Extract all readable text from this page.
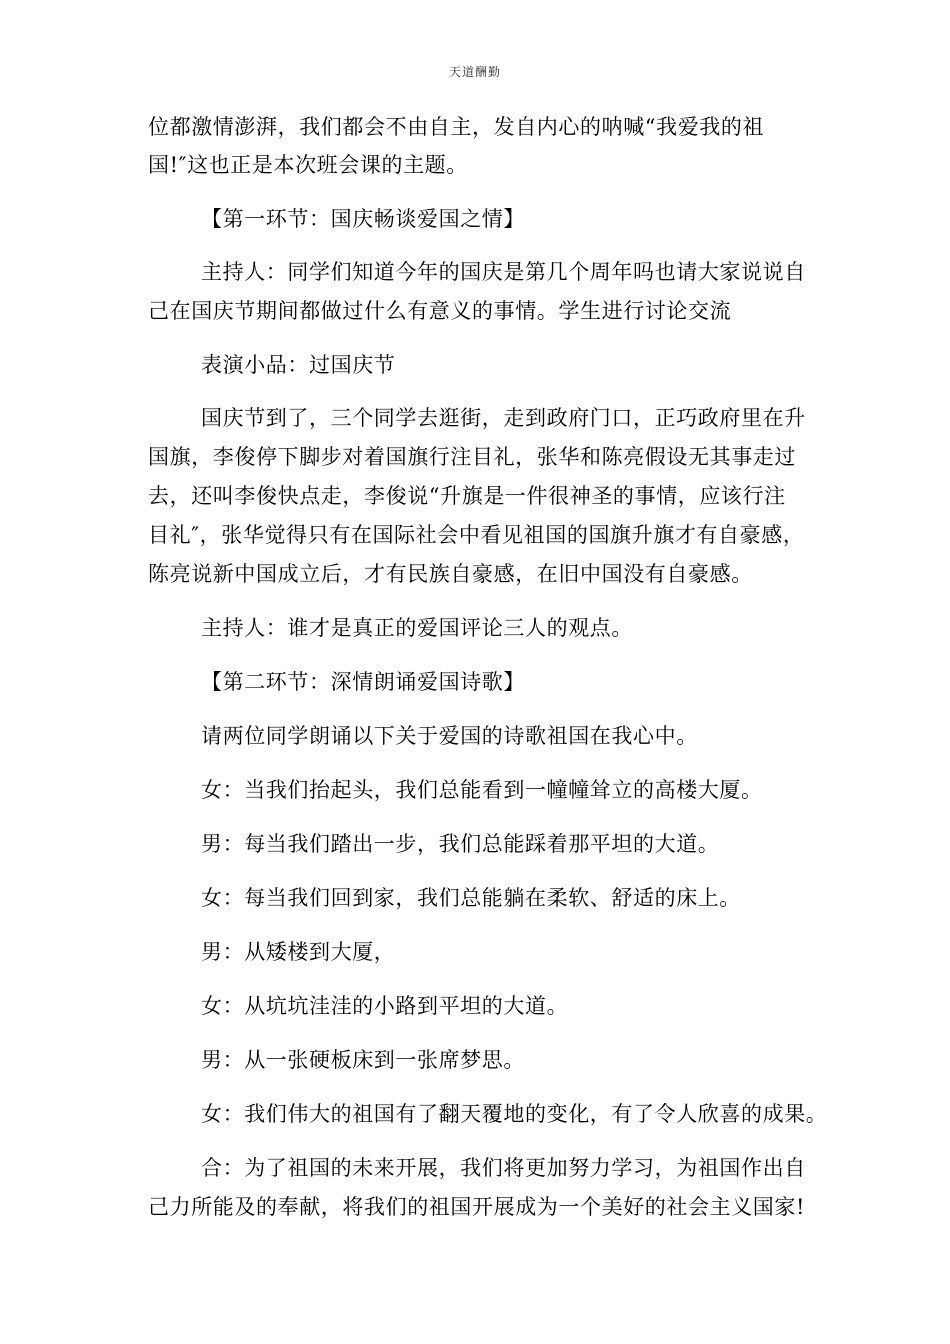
天道酬勤
位都激情澎湃，我们都会不由自主，发自内心的呐喊“我爱我的祖
国!″这也正是本次班会课的主题。
【第一环节：国庆畅谈爱国之情】
主持人：同学们知道今年的国庆是第几个周年吗也请大家说说自
己在国庆节期间都做过什么有意义的事情。学生进行讨论交流
表演小品：过国庆节
国庆节到了，三个同学去逛街，走到政府门口，正巧政府里在升
国旗，李俊停下脚步对着国旗行注目礼，张华和陈亮假设无其事走过
去，还叫李俊快点走，李俊说“升旗是一件很神圣的事情，应该行注
目礼″，张华觉得只有在国际社会中看见祖国的国旗升旗才有自豪感，
陈亮说新中国成立后，才有民族自豪感，在旧中国没有自豪感。
主持人：谁才是真正的爱国评论三人的观点。
【第二环节：深情朗诵爱国诗歌】
请两位同学朗诵以下关于爱国的诗歌祖国在我心中。
女：当我们抬起头，我们总能看到一幢幢耸立的高楼大厦。
男：每当我们踏出一步，我们总能踩着那平坦的大道。
女：每当我们回到家，我们总能躺在柔软、舒适的床上。
男：从矮楼到大厦，
女：从坑坑洼洼的小路到平坦的大道。
男：从一张硬板床到一张席梦思。
女：我们伟大的祖国有了翻天覆地的变化，有了令人欣喜的成果。
合：为了祖国的未来开展，我们将更加努力学习，为祖国作出自
己力所能及的奉献，将我们的祖国开展成为一个美好的社会主义国家!
